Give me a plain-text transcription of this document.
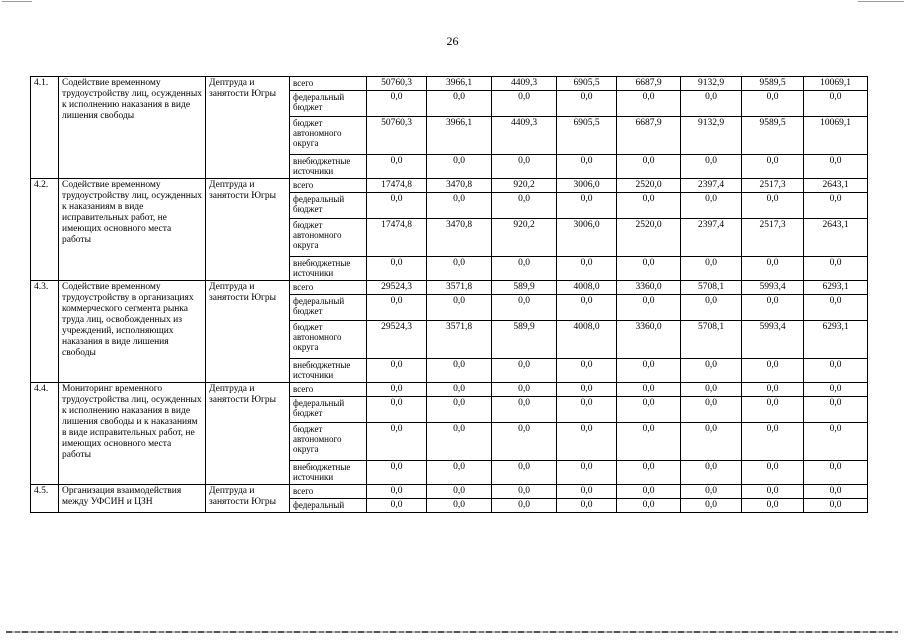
26
4.1.	Содействие временному трудоустройству лиц, осужденных к исполнению наказания в виде лишения свободы	Дептруда и занятости Югры	всего	50760,3	3966,1	4409,3	6905,5	6687,9	9132,9	9589,5	10069,1
			федеральный бюджет	0,0	0,0	0,0	0,0	0,0	0,0	0,0	0,0
			бюджет автономного округа	50760,3	3966,1	4409,3	6905,5	6687,9	9132,9	9589,5	10069,1
			внебюджетные источники	0,0	0,0	0,0	0,0	0,0	0,0	0,0	0,0
4.2.	Содействие временному трудоустройству лиц, осужденных к наказаниям в виде исправительных работ, не имеющих основного места работы	Дептруда и занятости Югры	всего	17474,8	3470,8	920,2	3006,0	2520,0	2397,4	2517,3	2643,1
			федеральный бюджет	0,0	0,0	0,0	0,0	0,0	0,0	0,0	0,0
			бюджет автономного округа	17474,8	3470,8	920,2	3006,0	2520,0	2397,4	2517,3	2643,1
			внебюджетные источники	0,0	0,0	0,0	0,0	0,0	0,0	0,0	0,0
4.3.	Содействие временному трудоустройству в организациях коммерческого сегмента рынка труда лиц, освобожденных из учреждений, исполняющих наказания в виде лишения свободы	Дептруда и занятости Югры	всего	29524,3	3571,8	589,9	4008,0	3360,0	5708,1	5993,4	6293,1
			федеральный бюджет	0,0	0,0	0,0	0,0	0,0	0,0	0,0	0,0
			бюджет автономного округа	29524,3	3571,8	589,9	4008,0	3360,0	5708,1	5993,4	6293,1
			внебюджетные источники	0,0	0,0	0,0	0,0	0,0	0,0	0,0	0,0
4.4.	Мониторинг временного трудоустройства лиц, осужденных к исполнению наказания в виде лишения свободы и к наказаниям в виде исправительных работ, не имеющих основного места работы	Дептруда и занятости Югры	всего	0,0	0,0	0,0	0,0	0,0	0,0	0,0	0,0
			федеральный бюджет	0,0	0,0	0,0	0,0	0,0	0,0	0,0	0,0
			бюджет автономного округа	0,0	0,0	0,0	0,0	0,0	0,0	0,0	0,0
			внебюджетные источники	0,0	0,0	0,0	0,0	0,0	0,0	0,0	0,0
4.5.	Организация взаимодействия между УФСИН и ЦЗН	Дептруда и занятости Югры	всего	0,0	0,0	0,0	0,0	0,0	0,0	0,0	0,0
			федеральный	0,0	0,0	0,0	0,0	0,0	0,0	0,0	0,0
